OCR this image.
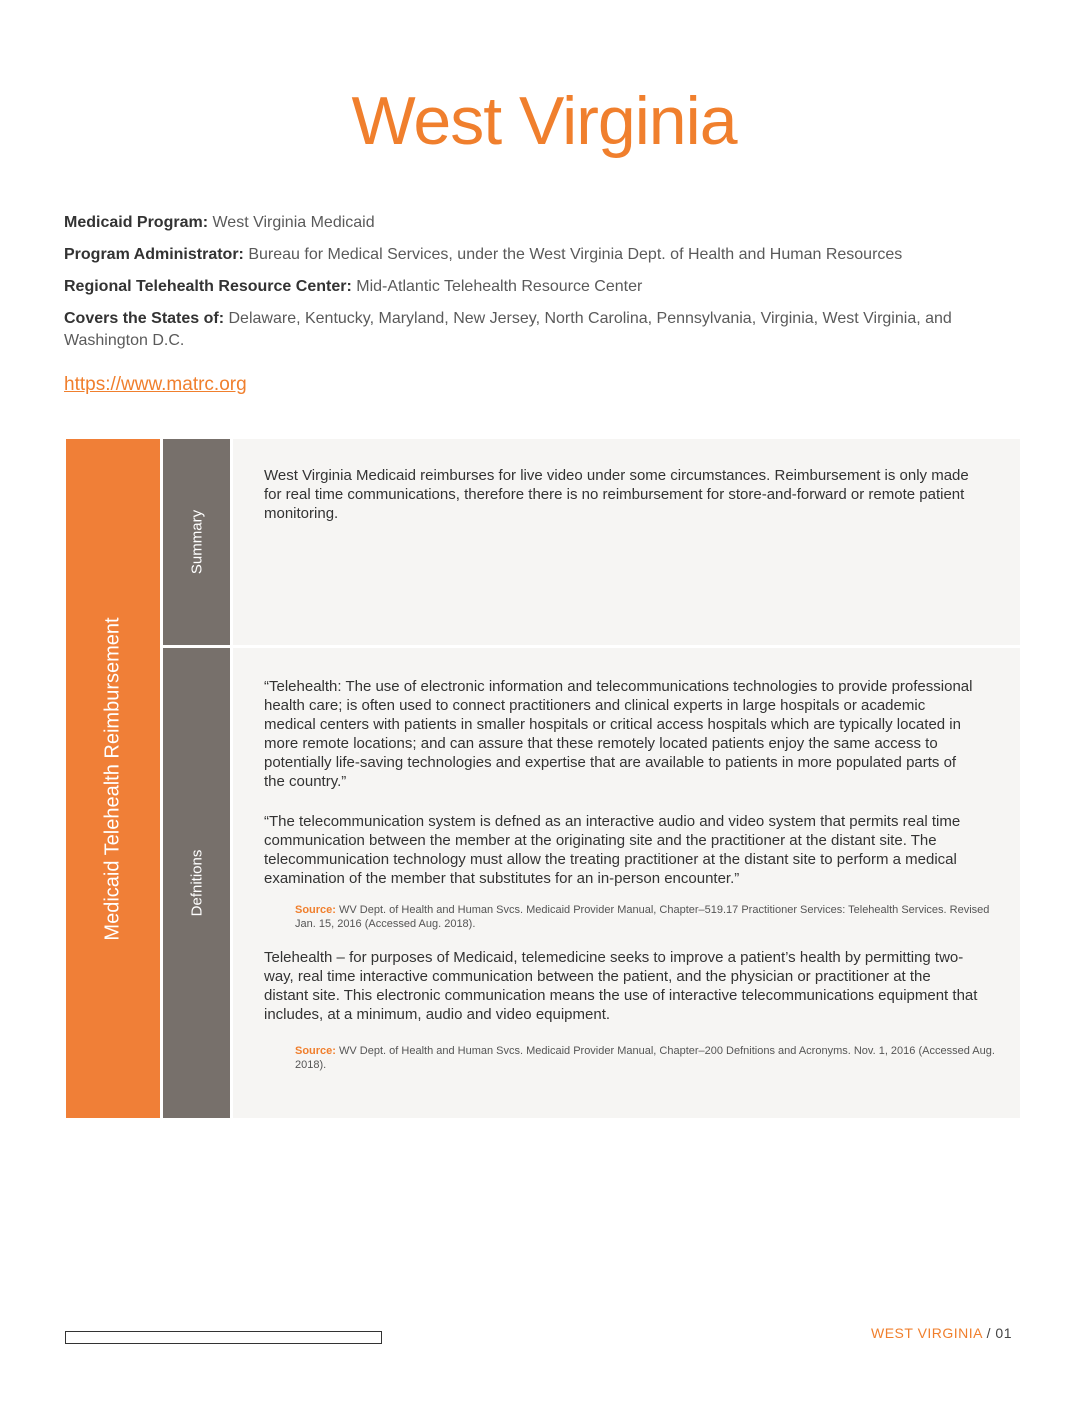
West Virginia

Medicaid Program: West Virginia Medicaid

Program Administrator: Bureau for Medical Services, under the West Virginia Dept. of Health and Human Resources

Regional Telehealth Resource Center: Mid-Atlantic Telehealth Resource Center

Covers the States of: Delaware, Kentucky, Maryland, New Jersey, North Carolina, Pennsylvania, Virginia, West Virginia, and Washington D.C.

https://www.matrc.org
Medicaid Telehealth Reimbursement
Summary
West Virginia Medicaid reimburses for live video under some circumstances. Reimbursement is only made for real time communications, therefore there is no reimbursement for store-and-forward or remote patient monitoring.
Defnitions
“Telehealth: The use of electronic information and telecommunications technologies to provide professional health care; is often used to connect practitioners and clinical experts in large hospitals or academic medical centers with patients in smaller hospitals or critical access hospitals which are typically located in more remote locations; and can assure that these remotely located patients enjoy the same access to potentially life-saving technologies and expertise that are available to patients in more populated parts of the country.”
“The telecommunication system is defned as an interactive audio and video system that permits real time communication between the member at the originating site and the practitioner at the distant site. The telecommunication technology must allow the treating practitioner at the distant site to perform a medical examination of the member that substitutes for an in-person encounter.”
Source: WV Dept. of Health and Human Svcs. Medicaid Provider Manual, Chapter–519.17 Practitioner Services: Telehealth Services. Revised Jan. 15, 2016 (Accessed Aug. 2018).
Telehealth – for purposes of Medicaid, telemedicine seeks to improve a patient’s health by permitting two-way, real time interactive communication between the patient, and the physician or practitioner at the distant site. This electronic communication means the use of interactive telecommunications equipment that includes, at a minimum, audio and video equipment.
Source: WV Dept. of Health and Human Svcs. Medicaid Provider Manual, Chapter–200 Defnitions and Acronyms. Nov. 1, 2016 (Accessed Aug. 2018).
WEST VIRGINIA / 01
